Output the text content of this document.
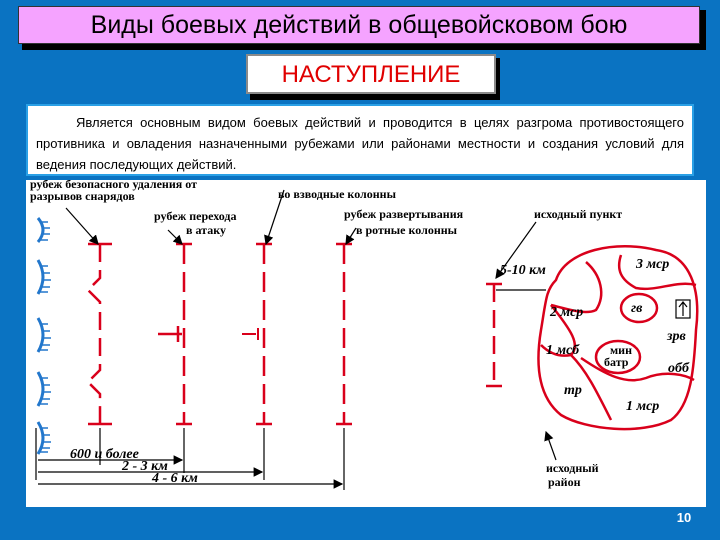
Виды боевых действий в общевойсковом бою
НАСТУПЛЕНИЕ
Является основным видом боевых действий и проводится в целях разгрома противостоящего противника и овладения назначенными рубежами или районами местности и создания условий для ведения последующих действий.
рубеж безопасного удаления от
разрывов снарядов
рубеж перехода
в атаку
во взводные колонны
рубеж развертывания
в ротные колонны
исходный пункт
исходный
район
600 и более
2 - 3 км
4 - 6 км
5-10 км	3 мср
2 мср	гв
зрв
1 мсб	мин
батр	обб
тр
1 мср
10
